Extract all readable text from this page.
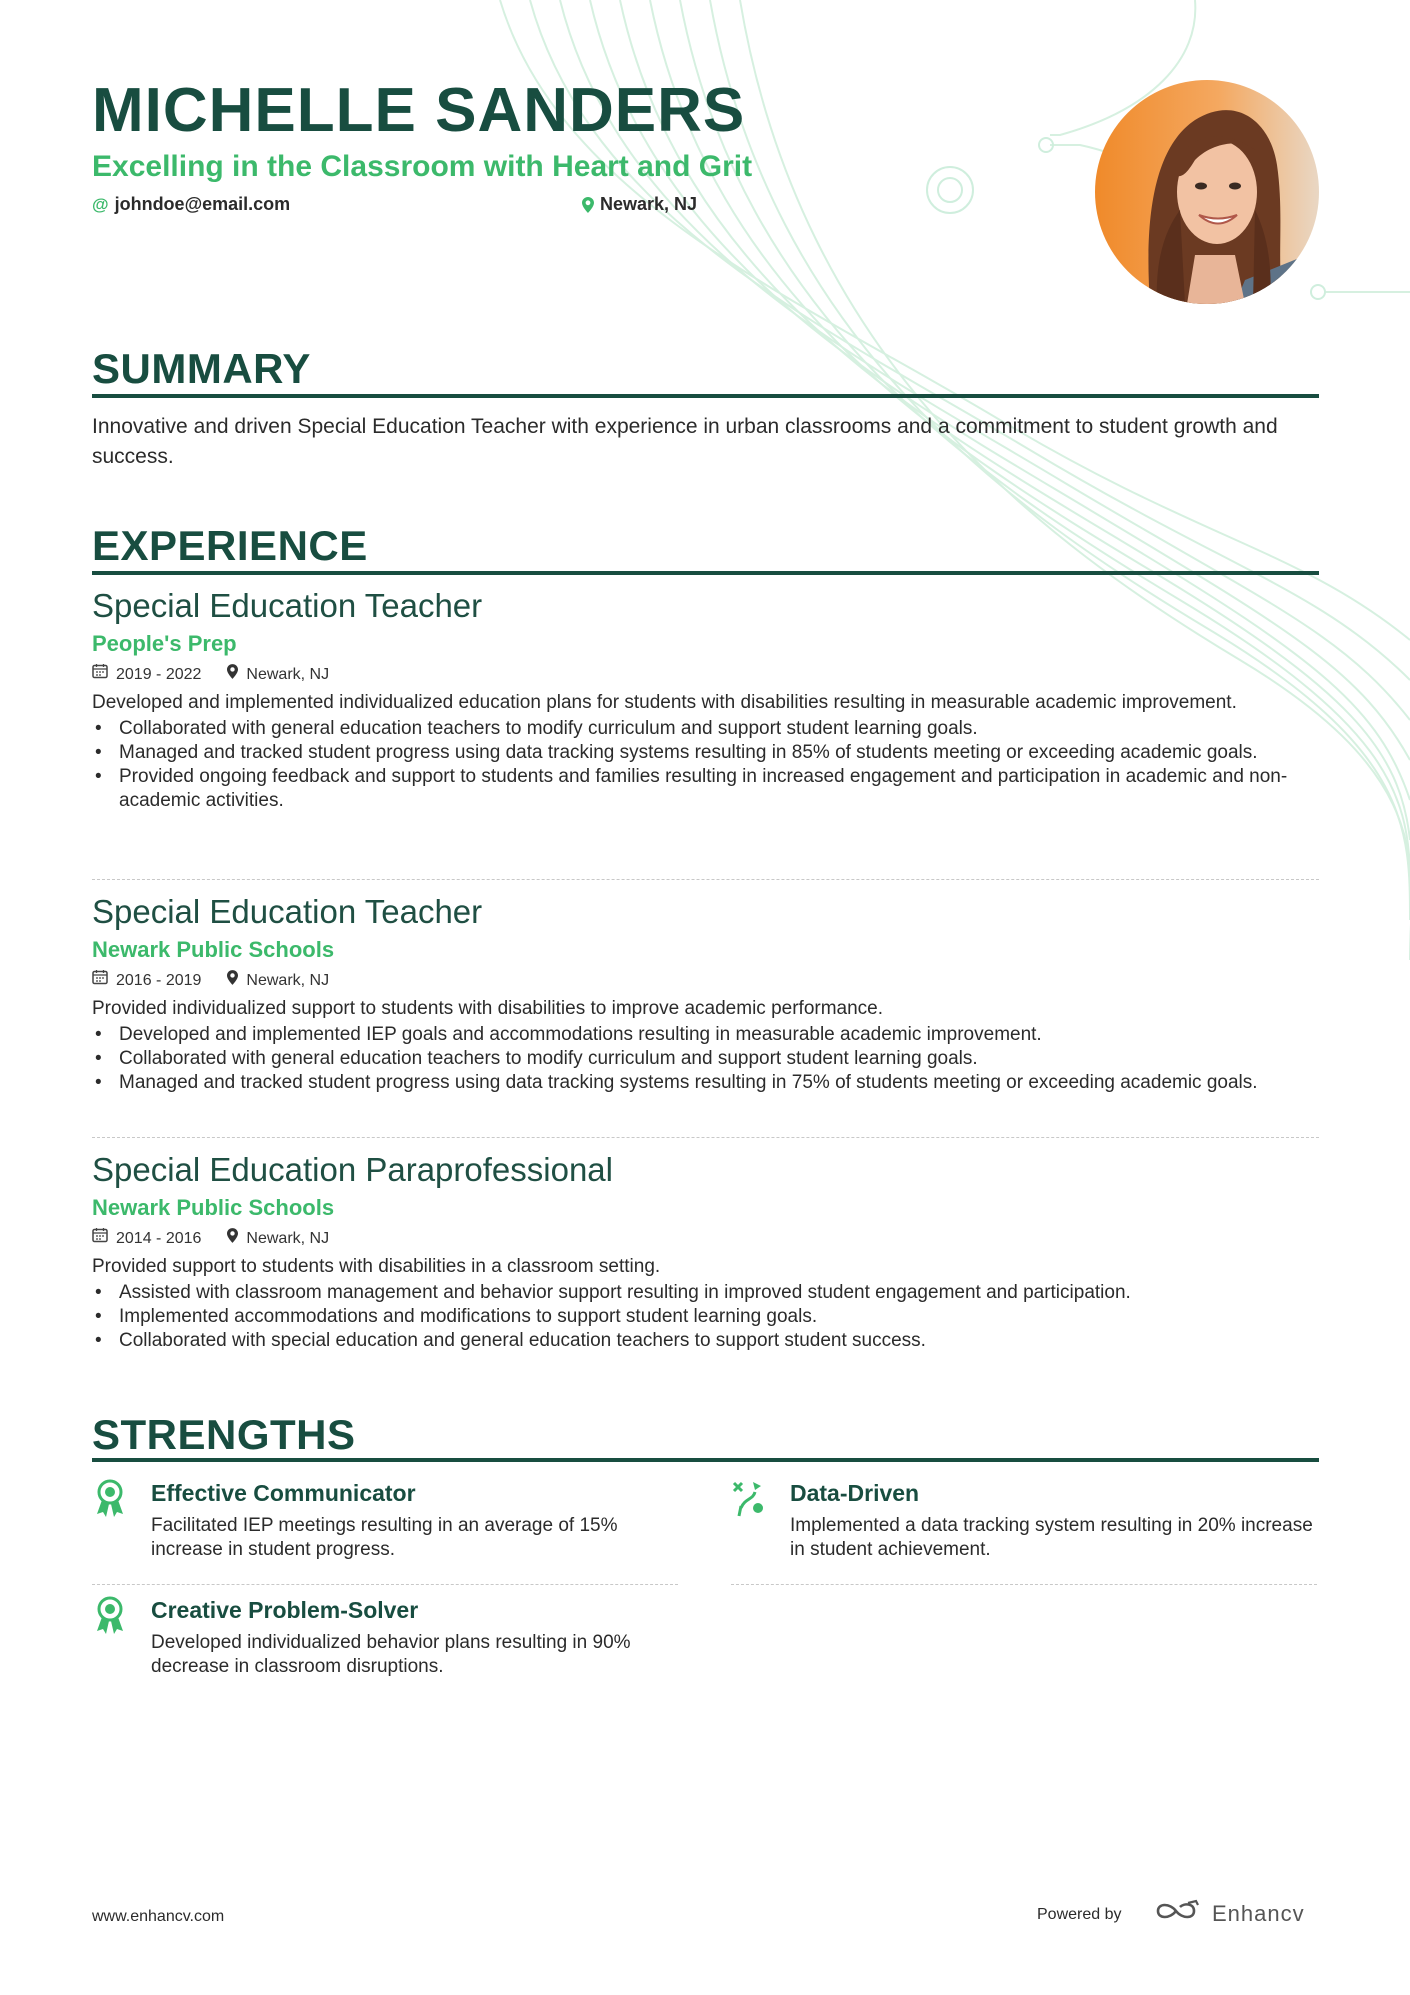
MICHELLE SANDERS

Excelling in the Classroom with Heart and Grit

@ johndoe@email.com	Newark, NJ
SUMMARY

Innovative and driven Special Education Teacher with experience in urban classrooms and a commitment to student growth and success.

EXPERIENCE
Special Education Teacher

People's Prep

2019 - 2022	Newark, NJ

Developed and implemented individualized education plans for students with disabilities resulting in measurable academic improvement.

• Collaborated with general education teachers to modify curriculum and support student learning goals.
• Managed and tracked student progress using data tracking systems resulting in 85% of students meeting or exceeding academic goals.
• Provided ongoing feedback and support to students and families resulting in increased engagement and participation in academic and non-academic activities.
Special Education Teacher

Newark Public Schools

2016 - 2019	Newark, NJ

Provided individualized support to students with disabilities to improve academic performance.

• Developed and implemented IEP goals and accommodations resulting in measurable academic improvement.
• Collaborated with general education teachers to modify curriculum and support student learning goals.
• Managed and tracked student progress using data tracking systems resulting in 75% of students meeting or exceeding academic goals.
Special Education Paraprofessional

Newark Public Schools

2014 - 2016	Newark, NJ

Provided support to students with disabilities in a classroom setting.

• Assisted with classroom management and behavior support resulting in improved student engagement and participation.
• Implemented accommodations and modifications to support student learning goals.
• Collaborated with special education and general education teachers to support student success.
STRENGTHS
Effective Communicator

Facilitated IEP meetings resulting in an average of 15% increase in student progress.

Data-Driven

Implemented a data tracking system resulting in 20% increase in student achievement.

Creative Problem-Solver

Developed individualized behavior plans resulting in 90% decrease in classroom disruptions.

www.enhancv.com	Powered by	Enhancv
